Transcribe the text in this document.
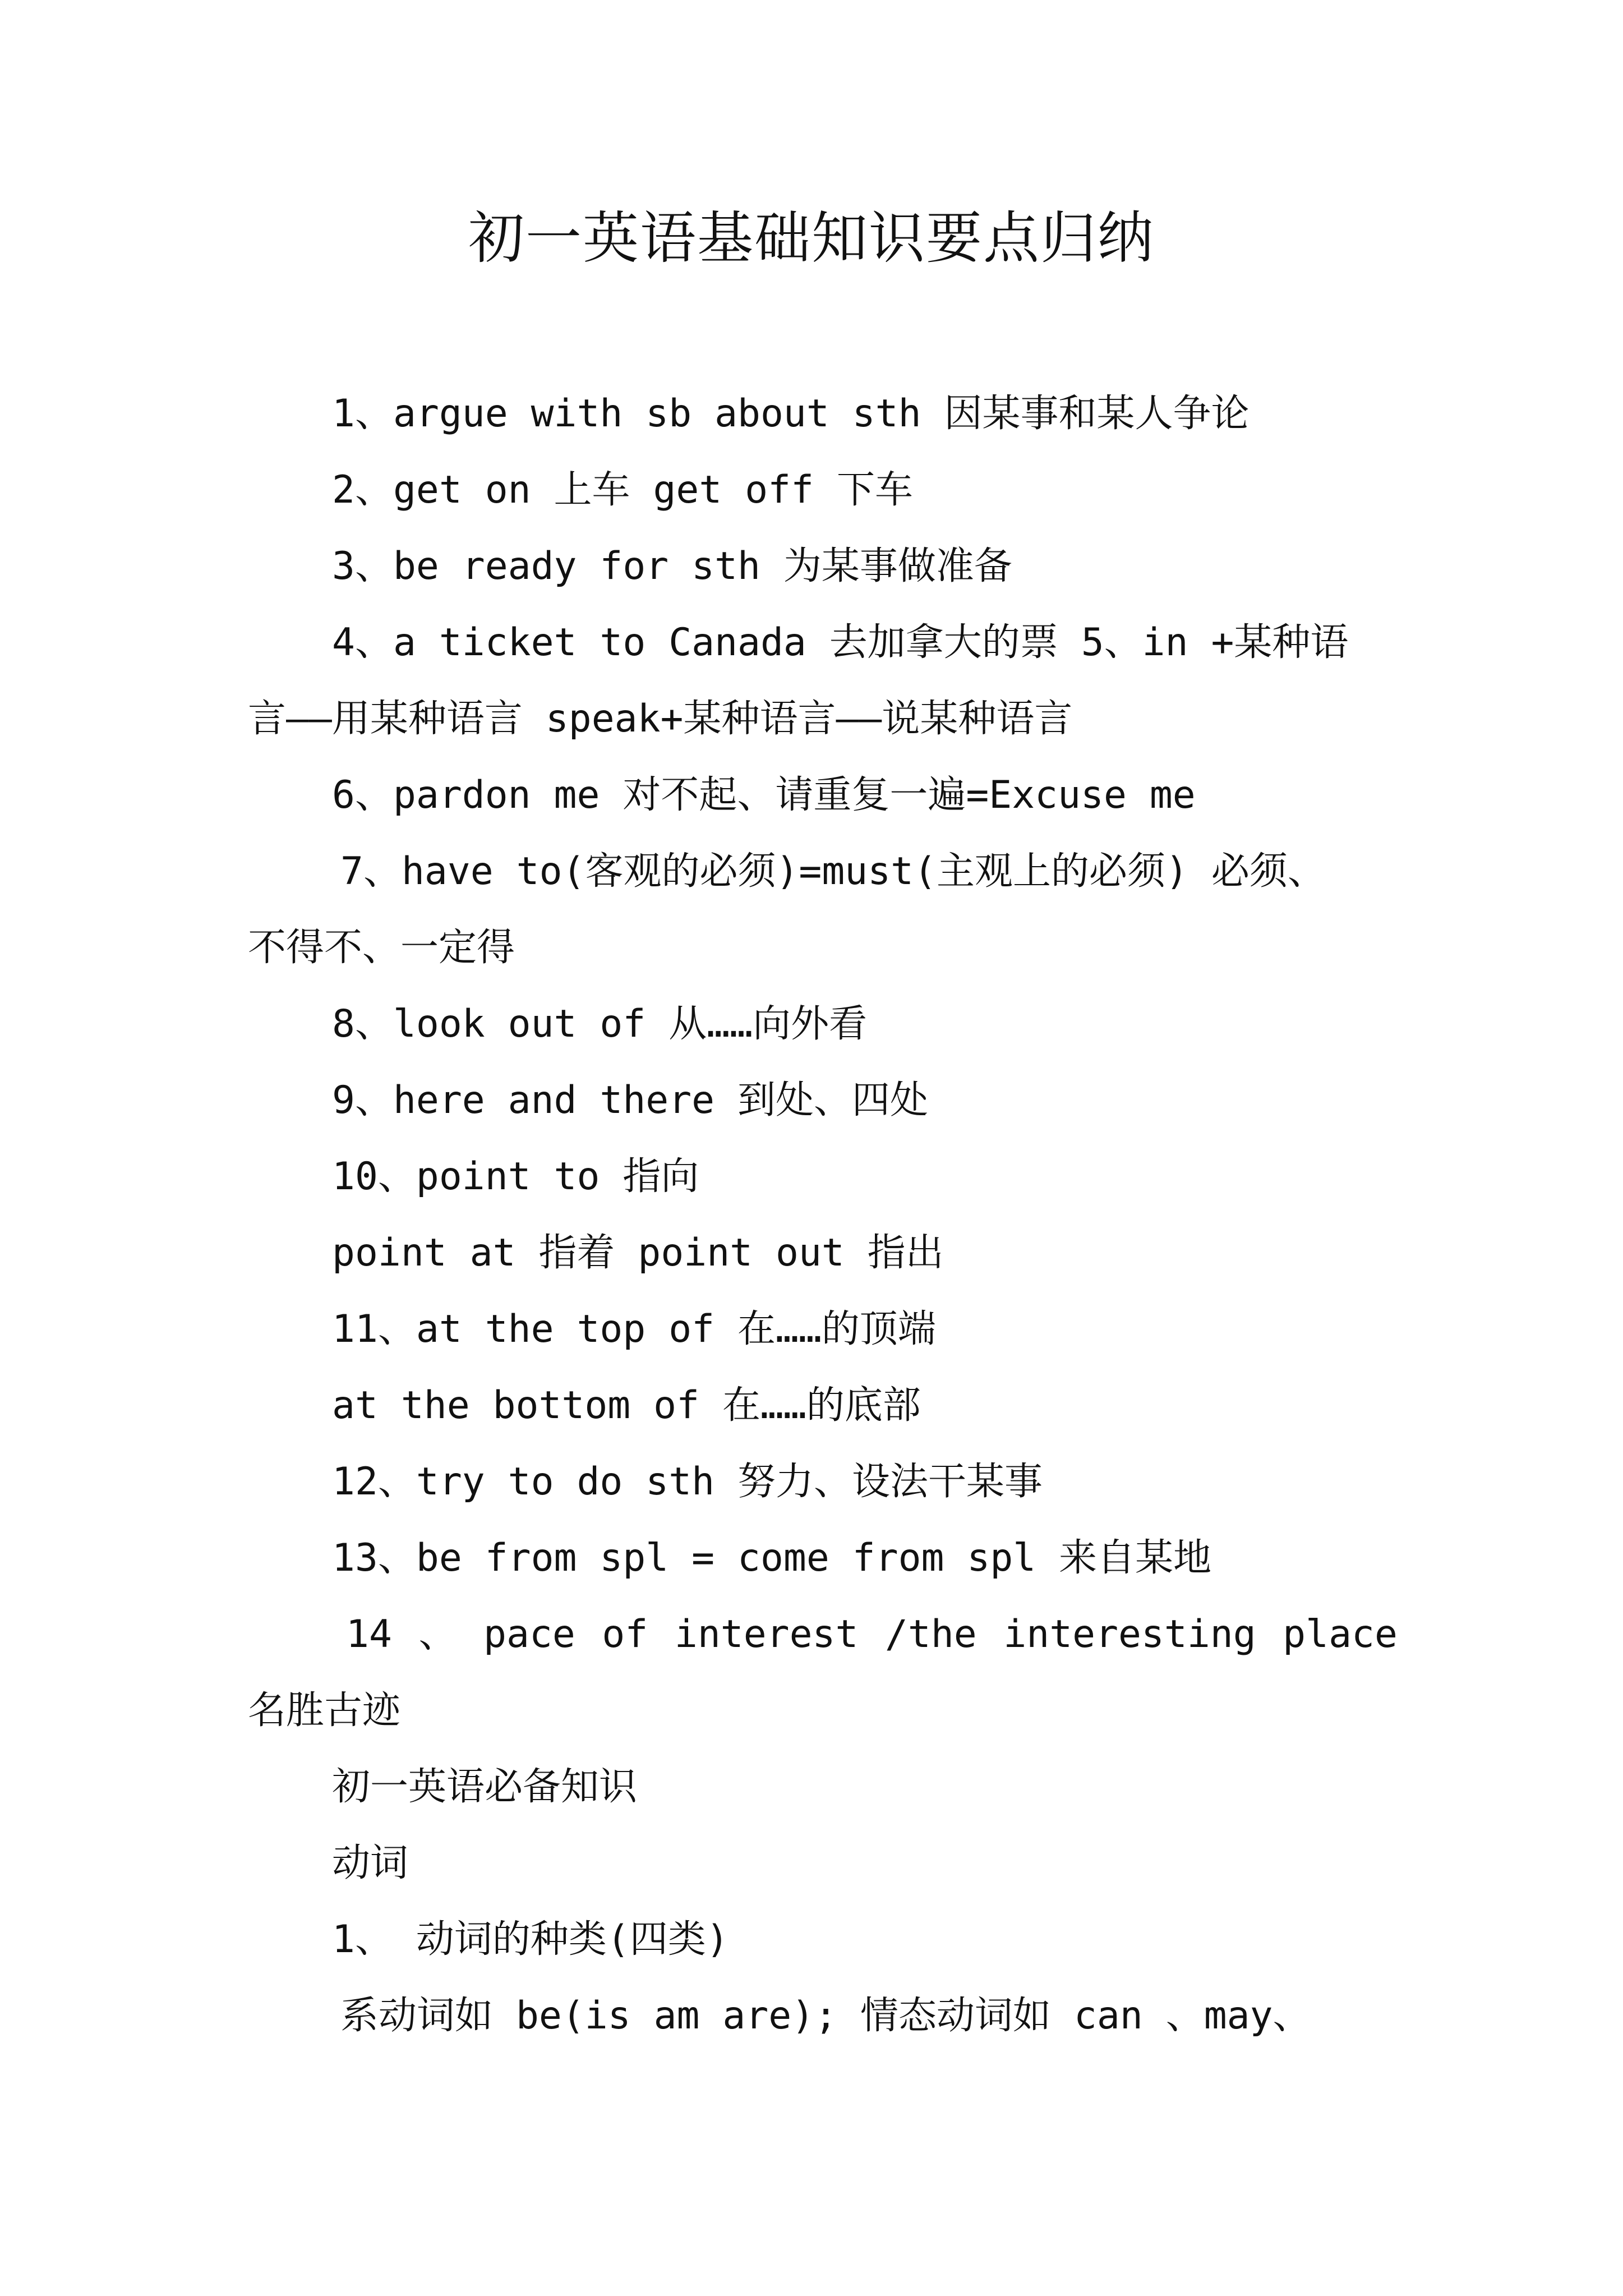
初一英语基础知识要点归纳
1、argue with sb about sth 因某事和某人争论
2、get on 上车 get off 下车
3、be ready for sth 为某事做准备
4、a ticket to Canada 去加拿大的票 5、in +某种语
言——用某种语言 speak+某种语言——说某种语言
6、pardon me 对不起、请重复一遍=Excuse me
7、have to(客观的必须)=must(主观上的必须) 必须、
不得不、一定得
8、look out of 从……向外看
9、here and there 到处、四处
10、point to 指向
point at 指着 point out 指出
11、at the top of 在……的顶端
at the bottom of 在……的底部
12、try to do sth 努力、设法干某事
13、be from spl = come from spl 来自某地
14 、 pace of interest /the interesting place
名胜古迹
初一英语必备知识
动词
1、 动词的种类(四类)
系动词如 be(is am are); 情态动词如 can 、may、
